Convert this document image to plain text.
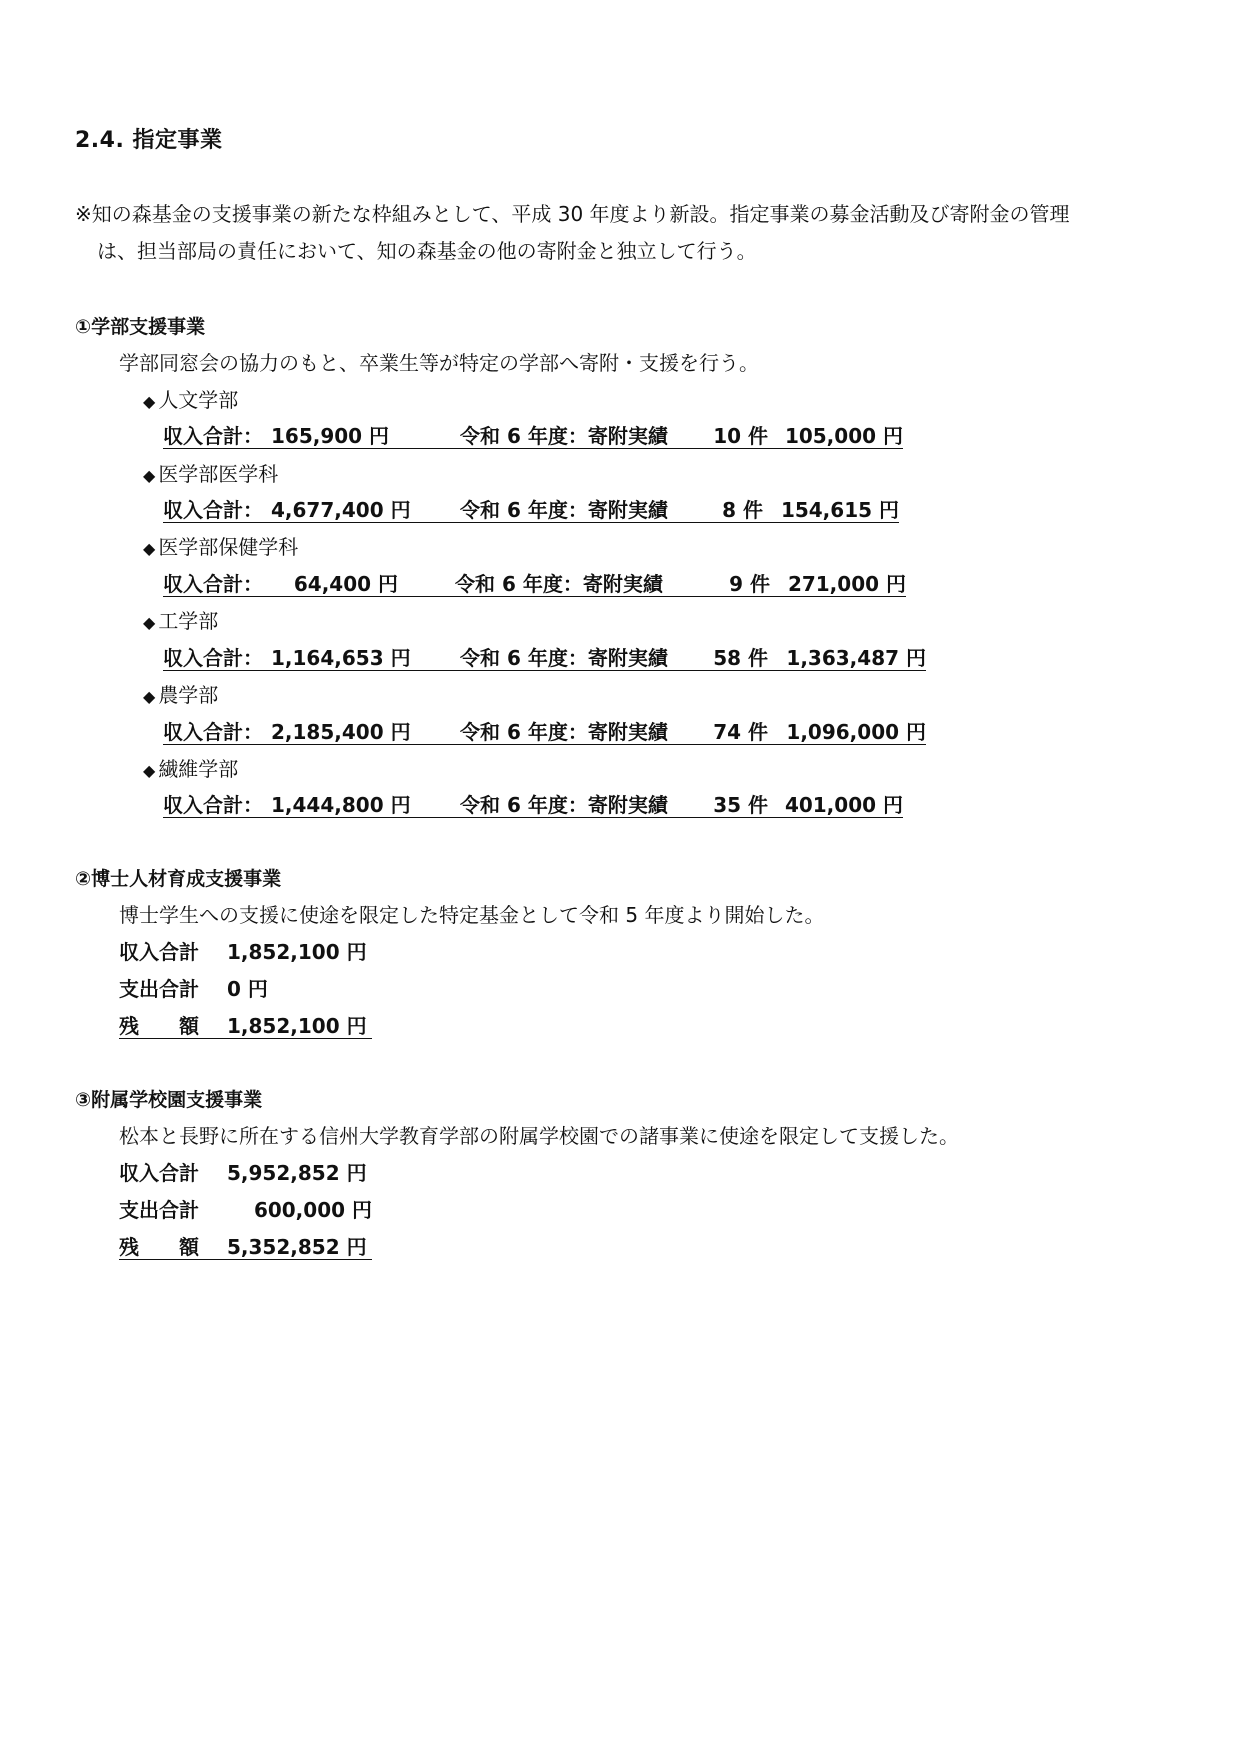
2.4. 指定事業
※知の森基金の支援事業の新たな枠組みとして、平成 30 年度より新設。指定事業の募金活動及び寄附金の管理
は、担当部局の責任において、知の森基金の他の寄附金と独立して行う。
①学部支援事業
学部同窓会の協力のもと、卒業生等が特定の学部へ寄附・支援を行う。
◆ 人文学部
収入合計： 165,900 円	令和 6 年度：寄附実績	10 件 105,000 円
◆ 医学部医学科
収入合計： 4,677,400 円 令和 6 年度：寄附実績	8 件 154,615 円
◆ 医学部保健学科
収入合計：	64,400 円	令和 6 年度：寄附実績	9 件 271,000 円
◆ 工学部
収入合計： 1,164,653 円 令和 6 年度：寄附実績	58 件 1,363,487 円
◆ 農学部
収入合計： 2,185,400 円 令和 6 年度：寄附実績	74 件 1,096,000 円
◆ 繊維学部
収入合計： 1,444,800 円 令和 6 年度：寄附実績	35 件 401,000 円
②博士人材育成支援事業
博士学生への支援に使途を限定した特定基金として令和 5 年度より開始した。
収入合計 1,852,100 円
支出合計 0 円
残　　額 1,852,100 円
③附属学校園支援事業
松本と長野に所在する信州大学教育学部の附属学校園での諸事業に使途を限定して支援した。
収入合計 5,952,852 円
支出合計	600,000 円
残　　額 5,352,852 円
